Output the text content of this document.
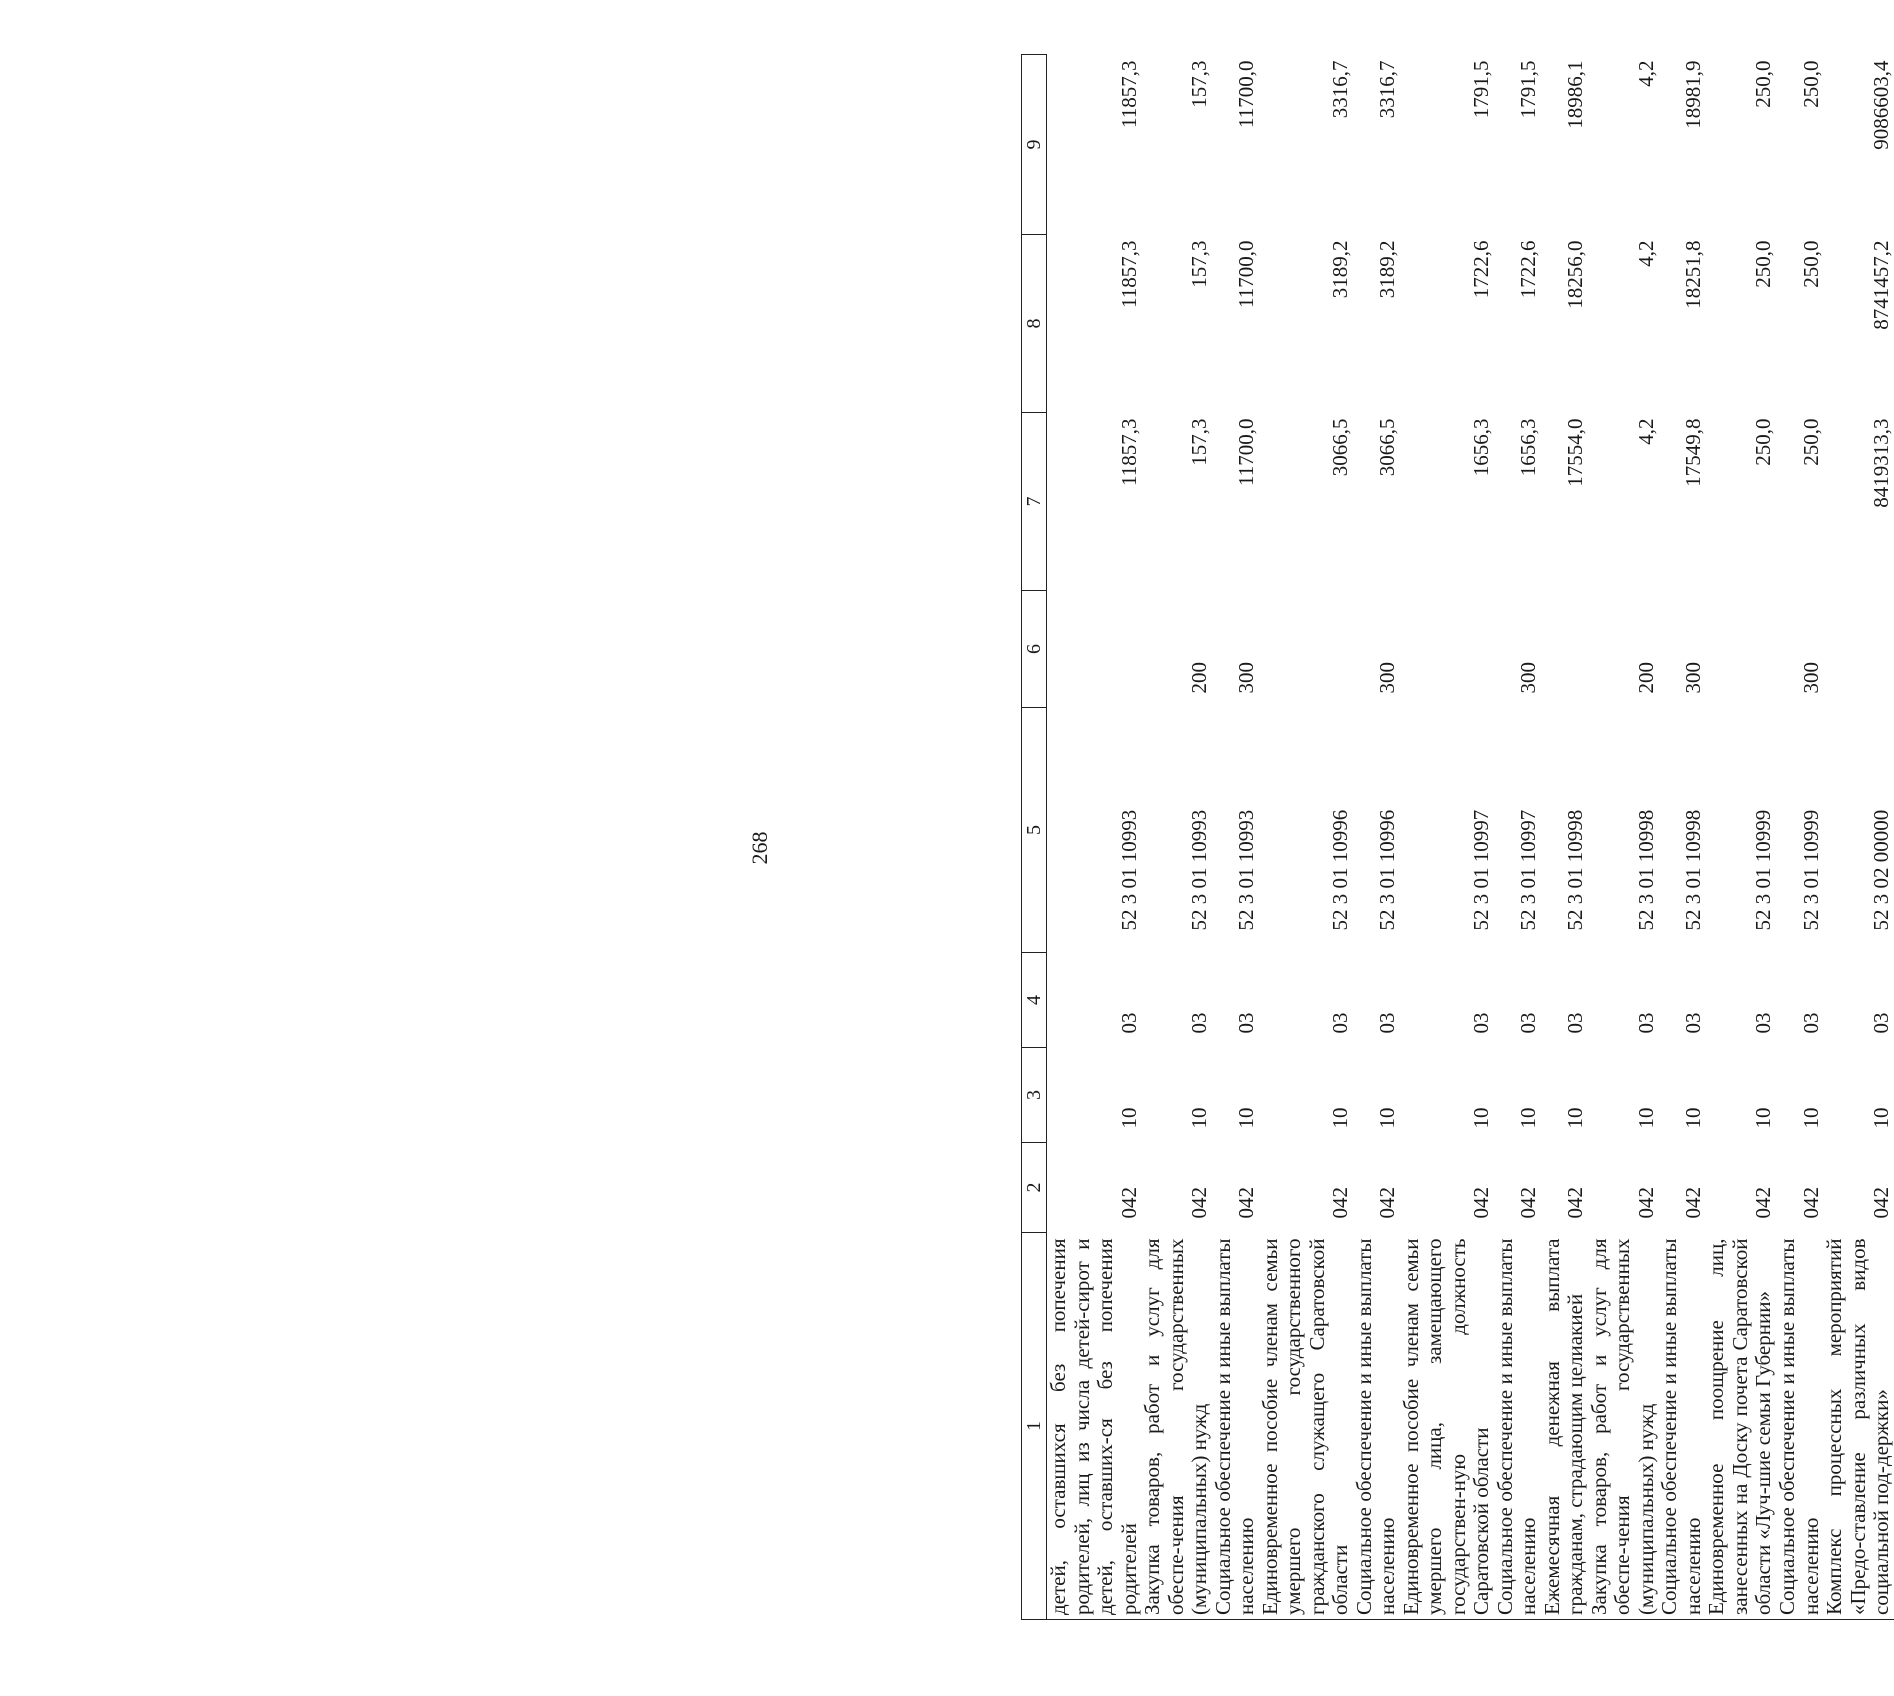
268
1	2	3	4	5	6	7	8	9
детей, оставшихся без попечения родителей, лиц из числа детей-сирот и детей, оставших-ся без попечения родителей	042	10	03	52 3 01 10993		11857,3	11857,3	11857,3
Закупка товаров, работ и услуг для обеспе-чения государственных (муниципальных) нужд	042	10	03	52 3 01 10993	200	157,3	157,3	157,3
Социальное обеспечение и иные выплаты населению	042	10	03	52 3 01 10993	300	11700,0	11700,0	11700,0
Единовременное пособие членам семьи умершего государственного гражданского служащего Саратовской области	042	10	03	52 3 01 10996		3066,5	3189,2	3316,7
Социальное обеспечение и иные выплаты населению	042	10	03	52 3 01 10996	300	3066,5	3189,2	3316,7
Единовременное пособие членам семьи умершего лица, замещающего государствен-ную должность Саратовской области	042	10	03	52 3 01 10997		1656,3	1722,6	1791,5
Социальное обеспечение и иные выплаты населению	042	10	03	52 3 01 10997	300	1656,3	1722,6	1791,5
Ежемесячная денежная выплата гражданам, страдающим целиакией	042	10	03	52 3 01 10998		17554,0	18256,0	18986,1
Закупка товаров, работ и услуг для обеспе-чения государственных (муниципальных) нужд	042	10	03	52 3 01 10998	200	4,2	4,2	4,2
Социальное обеспечение и иные выплаты населению	042	10	03	52 3 01 10998	300	17549,8	18251,8	18981,9
Единовременное поощрение лиц, занесенных на Доску почета Саратовской области «Луч-шие семьи Губернии»	042	10	03	52 3 01 10999		250,0	250,0	250,0
Социальное обеспечение и иные выплаты населению	042	10	03	52 3 01 10999	300	250,0	250,0	250,0
Комплекс процессных мероприятий «Предо-ставление различных видов социальной под-держки»	042	10	03	52 3 02 00000		8419313,3	8741457,2	9086603,4
